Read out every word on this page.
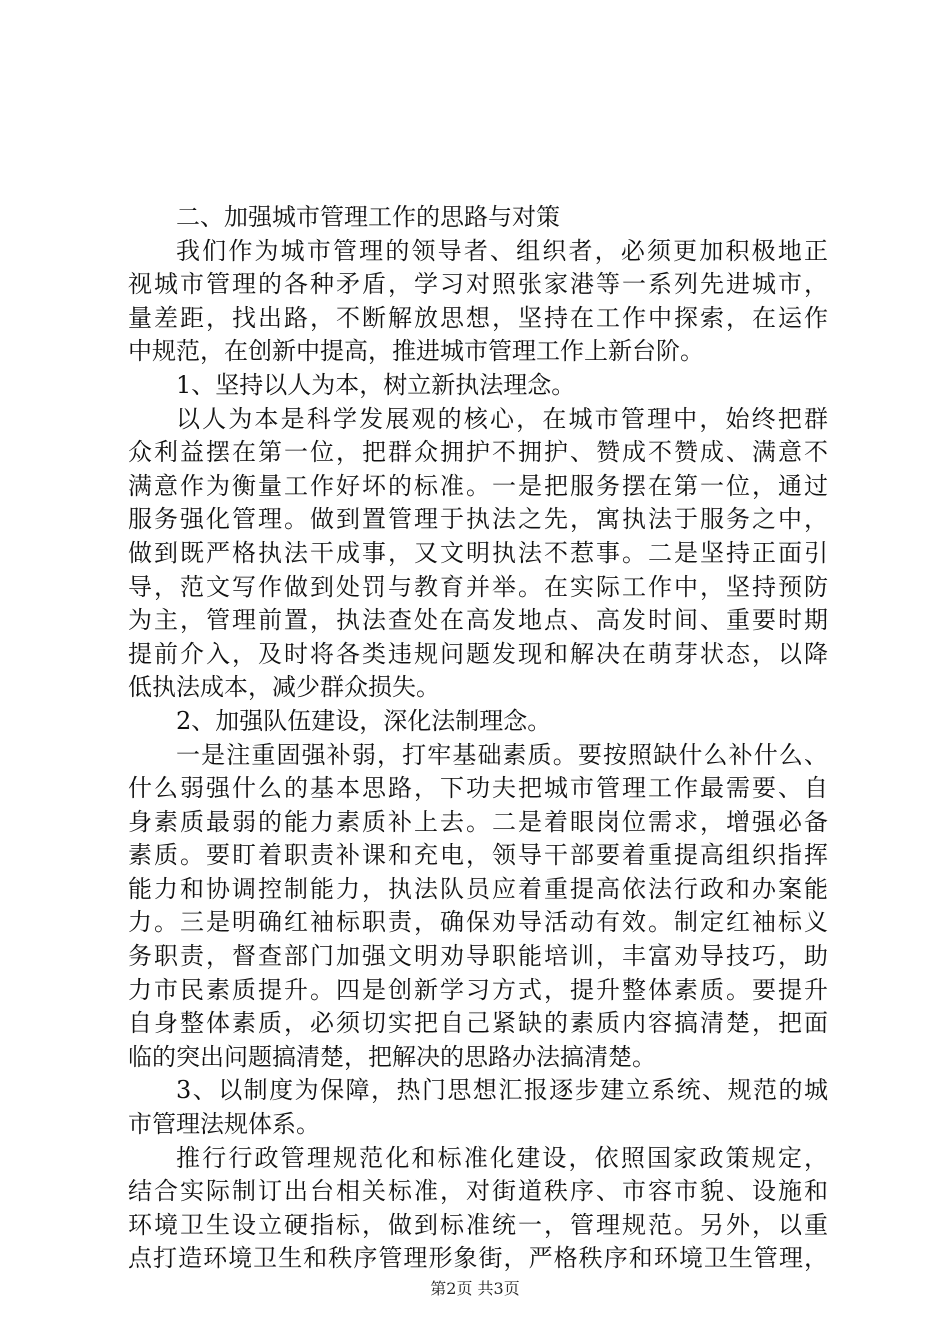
二、加强城市管理工作的思路与对策
我们作为城市管理的领导者、组织者，必须更加积极地正
视城市管理的各种矛盾，学习对照张家港等一系列先进城市，
量差距，找出路，不断解放思想，坚持在工作中探索，在运作
中规范，在创新中提高，推进城市管理工作上新台阶。
1、坚持以人为本，树立新执法理念。
以人为本是科学发展观的核心，在城市管理中，始终把群
众利益摆在第一位，把群众拥护不拥护、赞成不赞成、满意不
满意作为衡量工作好坏的标准。一是把服务摆在第一位，通过
服务强化管理。做到置管理于执法之先，寓执法于服务之中，
做到既严格执法干成事，又文明执法不惹事。二是坚持正面引
导，范文写作做到处罚与教育并举。在实际工作中，坚持预防
为主，管理前置，执法查处在高发地点、高发时间、重要时期
提前介入，及时将各类违规问题发现和解决在萌芽状态，以降
低执法成本，减少群众损失。
2、加强队伍建设，深化法制理念。
一是注重固强补弱，打牢基础素质。要按照缺什么补什么、
什么弱强什么的基本思路，下功夫把城市管理工作最需要、自
身素质最弱的能力素质补上去。二是着眼岗位需求，增强必备
素质。要盯着职责补课和充电，领导干部要着重提高组织指挥
能力和协调控制能力，执法队员应着重提高依法行政和办案能
力。三是明确红袖标职责，确保劝导活动有效。制定红袖标义
务职责，督查部门加强文明劝导职能培训，丰富劝导技巧，助
力市民素质提升。四是创新学习方式，提升整体素质。要提升
自身整体素质，必须切实把自己紧缺的素质内容搞清楚，把面
临的突出问题搞清楚，把解决的思路办法搞清楚。
3、以制度为保障，热门思想汇报逐步建立系统、规范的城
市管理法规体系。
推行行政管理规范化和标准化建设，依照国家政策规定，
结合实际制订出台相关标准，对街道秩序、市容市貌、设施和
环境卫生设立硬指标，做到标准统一，管理规范。另外，以重
点打造环境卫生和秩序管理形象街，严格秩序和环境卫生管理，
第2页 共3页
